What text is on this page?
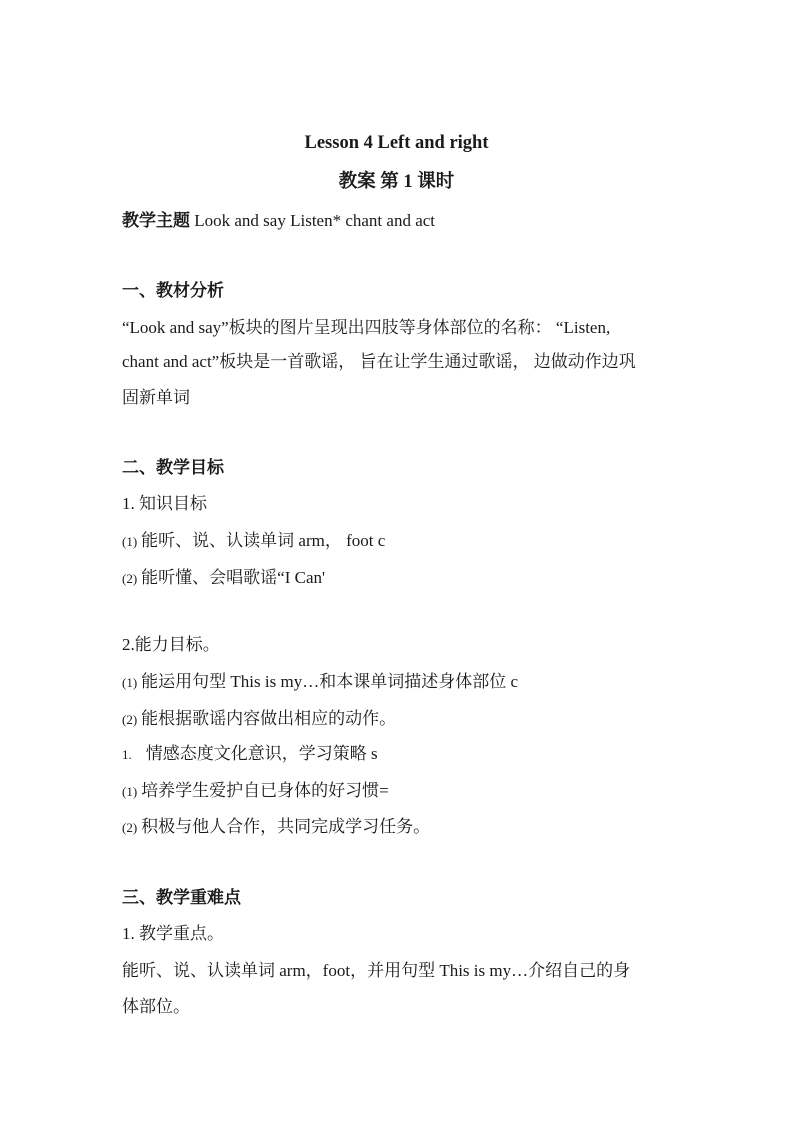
Lesson 4 Left and right
教案 第 1 课时
教学主题 Look and say Listen* chant and act
一、教材分析
“Look and say”板块的图片呈现出四肢等身体部位的名称： “Listen,
chant and act”板块是一首歌谣， 旨在让学生通过歌谣， 边做动作边巩
固新单词
二、教学目标
1. 知识目标
(1) 能听、说、认读单词 arm， foot c
(2) 能听懂、会唱歌谣“I Can'
2.能力目标。
(1) 能运用句型 This is my…和本课单词描述身体部位 c
(2) 能根据歌谣内容做出相应的动作。
1. 情感态度文化意识，学习策略 s
(1) 培养学生爱护自已身体的好习惯=
(2) 积极与他人合作，共同完成学习任务。
三、教学重难点
1. 教学重点。
能听、说、认读单词 arm，foot，并用句型 This is my…介绍自己的身
体部位。
